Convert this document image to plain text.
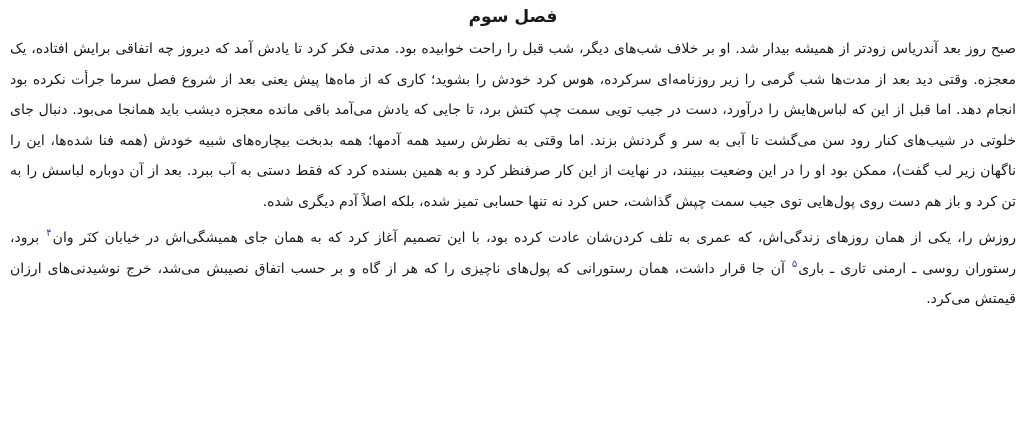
فصل سوم

صبح روز بعد آندریاس زودتر از همیشه بیدار شد. او بر خلاف شب‌های دیگر، شب قبل را راحت خوابیده بود. مدتی فکر کرد تا یادش آمد که دیروز چه اتفاقی برایش افتاده، یک معجزه. وقتی دید بعد از مدت‌ها شب گرمی را زیر روزنامه‌ای سرکرده، هوس کرد خودش را بشوید؛ کاری که از ماه‌ها پیش یعنی بعد از شروع فصل سرما جرأت نکرده بود انجام دهد. اما قبل از این که لباس‌هایش را درآورد، دست در جیب تویی سمت چپ کتش برد، تا جایی که یادش می‌آمد باقی مانده معجزه دیشب باید همانجا می‌بود. دنبال جای خلوتی در شیب‌های کنار رود سن می‌گشت تا آبی به سر و گردنش بزند. اما وقتی به نظرش رسید همه آدمها؛ همه بدبخت بیچاره‌های شبیه خودش (همه فنا شده‌ها، این را ناگهان زیر لب گفت)، ممکن بود او را در این وضعیت ببینند، در نهایت از این کار صرفنظر کرد و به همین بسنده کرد که فقط دستی به آب ببرد. بعد از آن دوباره لباسش را به تن کرد و باز هم دست روی پول‌هایی توی جیب سمت چپش گذاشت، حس کرد نه تنها حسابی تمیز شده، بلکه اصلاً آدم دیگری شده.

روزش را، یکی از همان روزهای زندگی‌اش، که عمری به تلف کردن‌شان عادت کرده بود، با این تصمیم آغاز کرد که به همان جای همیشگی‌اش در خیابان کنَر وان$^۴$ برود، رستوران روسی ـ ارمنی تاری ـ باری$^۵$ آن جا قرار داشت، همان رستورانی که پول‌های ناچیزی را که هر از گاه و بر حسب اتفاق نصیبش می‌شد، خرج نوشیدنی‌های ارزان قیمتش می‌کرد.
